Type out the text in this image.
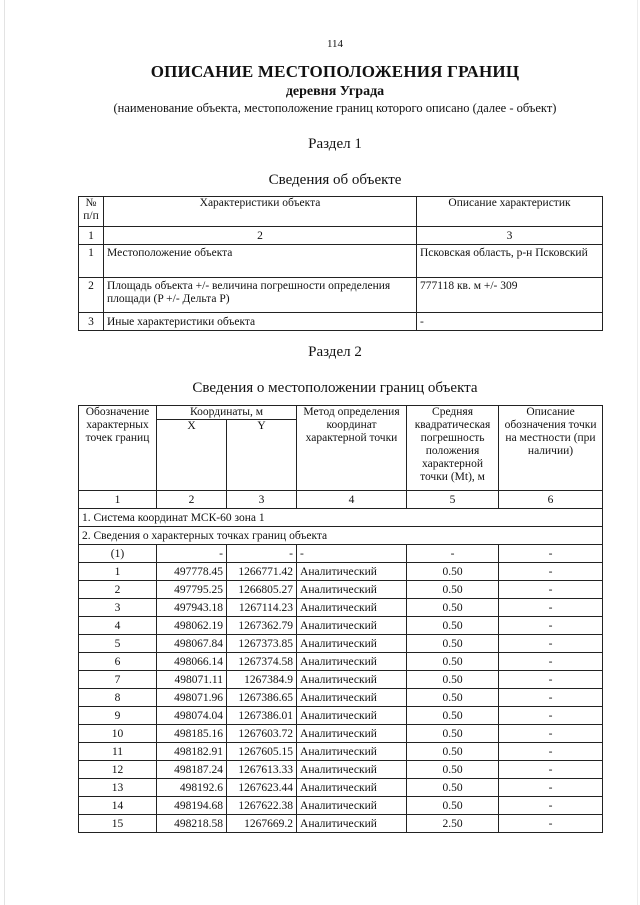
114
ОПИСАНИЕ МЕСТОПОЛОЖЕНИЯ ГРАНИЦ
деревня Уграда
(наименование объекта, местоположение границ которого описано (далее - объект)
Раздел 1
Сведения об объекте
№ п/п	Характеристики объекта	Описание характеристик
1	2	3
1	Местоположение объекта	Псковская область, р-н Псковский
2	Площадь объекта +/- величина погрешности определения площади (P +/- Дельта P)	777118 кв. м +/- 309
3	Иные характеристики объекта	-
Раздел 2
Сведения о местоположении границ объекта
Обозначение характерных точек границ	Координаты, м		Метод определения координат характерной точки	Средняя квадратическая погрешность положения характерной точки (Mt), м	Описание обозначения точки на местности (при наличии)
	X	Y			
1	2	3	4	5	6
1. Система координат МСК-60 зона 1					
2. Сведения о характерных точках границ объекта					
(1)	-	-	-	-	-
1	497778.45	1266771.42	Аналитический	0.50	-
2	497795.25	1266805.27	Аналитический	0.50	-
3	497943.18	1267114.23	Аналитический	0.50	-
4	498062.19	1267362.79	Аналитический	0.50	-
5	498067.84	1267373.85	Аналитический	0.50	-
6	498066.14	1267374.58	Аналитический	0.50	-
7	498071.11	1267384.9	Аналитический	0.50	-
8	498071.96	1267386.65	Аналитический	0.50	-
9	498074.04	1267386.01	Аналитический	0.50	-
10	498185.16	1267603.72	Аналитический	0.50	-
11	498182.91	1267605.15	Аналитический	0.50	-
12	498187.24	1267613.33	Аналитический	0.50	-
13	498192.6	1267623.44	Аналитический	0.50	-
14	498194.68	1267622.38	Аналитический	0.50	-
15	498218.58	1267669.2	Аналитический	2.50	-
